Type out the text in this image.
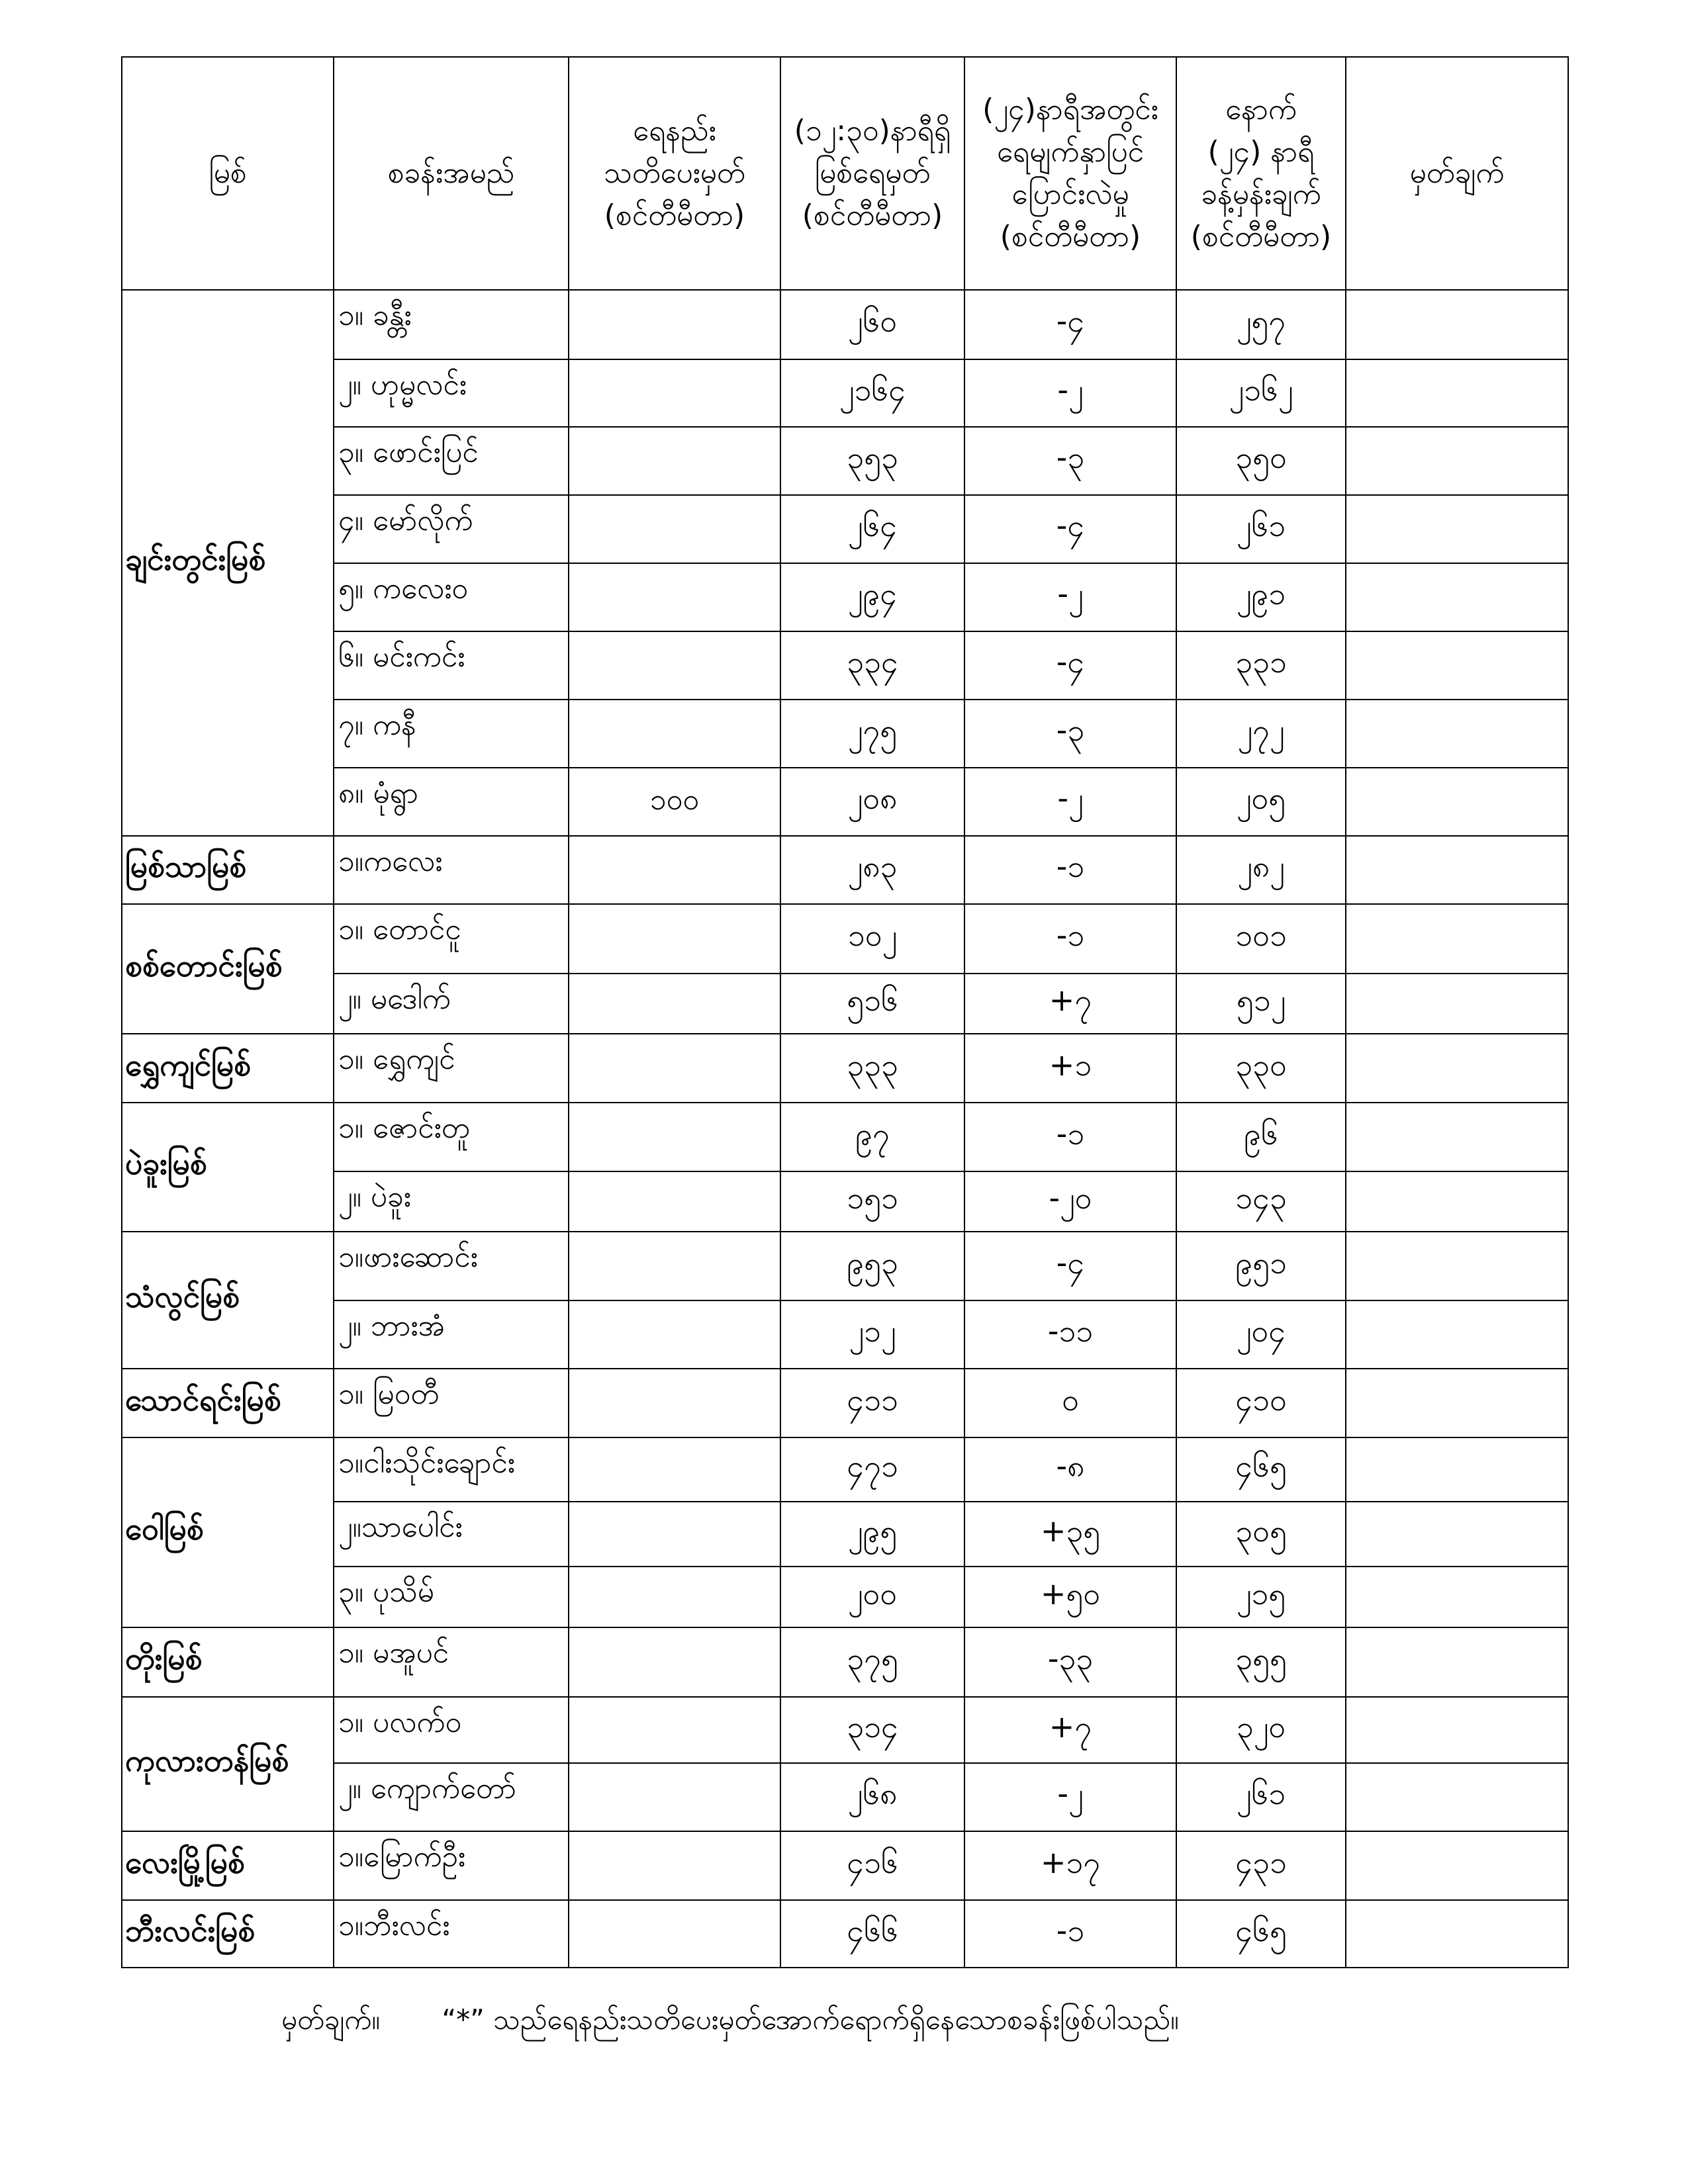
မြစ်	စခန်းအမည်	ရေနည်း
သတိပေးမှတ်
(စင်တီမီတာ)	(၁၂:၃၀)နာရီရှိ
မြစ်ရေမှတ်
(စင်တီမီတာ)	(၂၄)နာရီအတွင်း
ရေမျက်နှာပြင်
ပြောင်းလဲမှု
(စင်တီမီတာ)	နောက်
(၂၄) နာရီ
ခန့်မှန်းချက်
(စင်တီမီတာ)	မှတ်ချက်

ချင်းတွင်းမြစ်	၁။ ခန္တီး		၂၆၀	-၄	၂၅၇	
	၂။ ဟုမ္မလင်း		၂၁၆၄	-၂	၂၁၆၂	
	၃။ ဖောင်းပြင်		၃၅၃	-၃	၃၅၀	
	၄။ မော်လိုက်		၂၆၄	-၄	၂၆၁	
	၅။ ကလေးဝ		၂၉၄	-၂	၂၉၁	
	၆။ မင်းကင်း		၃၃၄	-၄	၃၃၁	
	၇။ ကနီ		၂၇၅	-၃	၂၇၂	
	၈။ မုံရွာ	၁၀၀	၂၀၈	-၂	၂၀၅	
မြစ်သာမြစ်	၁။ကလေး		၂၈၃	-၁	၂၈၂	
စစ်တောင်းမြစ်	၁။ တောင်ငူ		၁၀၂	-၁	၁၀၁	
	၂။ မဒေါက်		၅၁၆	+၇	၅၁၂	
ရွှေကျင်မြစ်	၁။ ရွှေကျင်		၃၃၃	+၁	၃၃၀	
ပဲခူးမြစ်	၁။ ဇောင်းတူ		၉၇	-၁	၉၆	
	၂။ ပဲခူး		၁၅၁	-၂၀	၁၄၃	
သံလွင်မြစ်	၁။ဖားဆောင်း		၉၅၃	-၄	၉၅၁	
	၂။ ဘားအံ		၂၁၂	-၁၁	၂၀၄	
သောင်ရင်းမြစ်	၁။ မြဝတီ		၄၁၁	၀	၄၁၀	
ဝေါမြစ်	၁။ငါးသိုင်းချောင်း		၄၇၁	-၈	၄၆၅	
	၂။သာပေါင်း		၂၉၅	+၃၅	၃၀၅	
	၃။ ပုသိမ်		၂၀၀	+၅၀	၂၁၅	
တိုးမြစ်	၁။ မအူပင်		၃၇၅	-၃၃	၃၅၅	
ကုလားတန်မြစ်	၁။ ပလက်ဝ		၃၁၄	+၇	၃၂၀	
	၂။ ကျောက်တော်		၂၆၈	-၂	၂၆၁	
လေးမြို့မြစ်	၁။မြောက်ဦး		၄၁၆	+၁၇	၄၃၁	
ဘီးလင်းမြစ်	၁။ဘီးလင်း		၄၆၆	-၁	၄၆၅	
မှတ်ချက်။ “*” သည်ရေနည်းသတိပေးမှတ်အောက်ရောက်ရှိနေသောစခန်းဖြစ်ပါသည်။
